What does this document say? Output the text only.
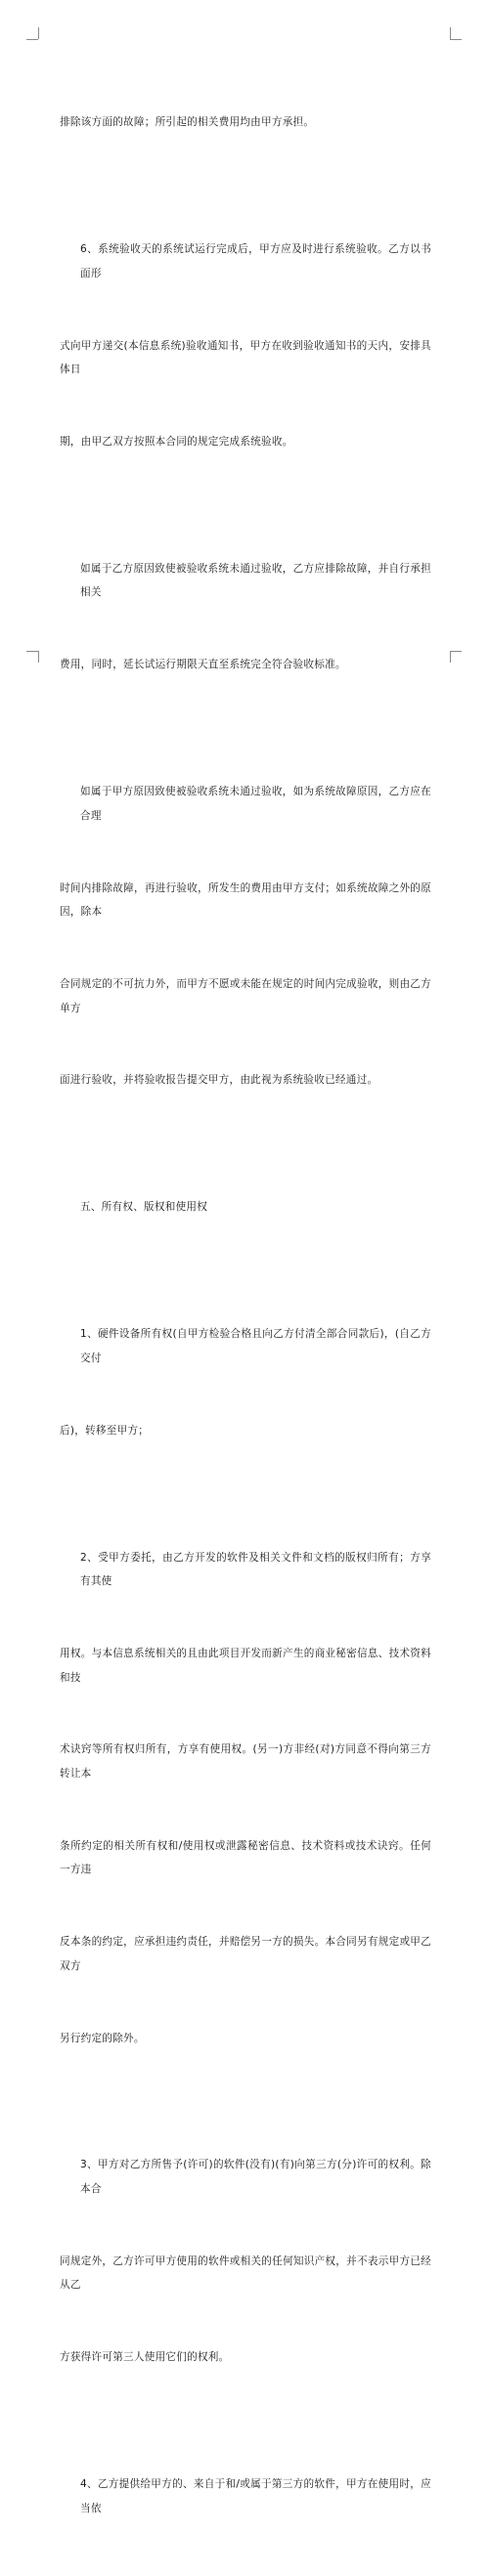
排除该方面的故障；所引起的相关费用均由甲方承担。

6、系统验收天的系统试运行完成后，甲方应及时进行系统验收。乙方以书面形

式向甲方递交(本信息系统)验收通知书，甲方在收到验收通知书的天内，安排具体日

期，由甲乙双方按照本合同的规定完成系统验收。

如属于乙方原因致使被验收系统未通过验收，乙方应排除故障，并自行承担相关

费用，同时，延长试运行期限天直至系统完全符合验收标准。

如属于甲方原因致使被验收系统未通过验收，如为系统故障原因，乙方应在合理

时间内排除故障，再进行验收，所发生的费用由甲方支付；如系统故障之外的原因，除本

合同规定的不可抗力外，而甲方不愿或未能在规定的时间内完成验收，则由乙方单方

面进行验收，并将验收报告提交甲方，由此视为系统验收已经通过。

五、所有权、版权和使用权

1、硬件设备所有权(自甲方检验合格且向乙方付清全部合同款后)，(自乙方交付

后)，转移至甲方；

2、受甲方委托，由乙方开发的软件及相关文件和文档的版权归所有；方享有其使

用权。与本信息系统相关的且由此项目开发而新产生的商业秘密信息、技术资料和技

术诀窍等所有权归所有，方享有使用权。(另一)方非经(对)方同意不得向第三方转让本

条所约定的相关所有权和/使用权或泄露秘密信息、技术资料或技术诀窍。任何一方违

反本条的约定，应承担违约责任，并赔偿另一方的损失。本合同另有规定或甲乙双方

另行约定的除外。

3、甲方对乙方所售予(许可)的软件(没有)(有)向第三方(分)许可的权利。除本合

同规定外，乙方许可甲方使用的软件或相关的任何知识产权，并不表示甲方已经从乙

方获得许可第三人使用它们的权利。

4、乙方提供给甲方的、来自于和/或属于第三方的软件，甲方在使用时，应当依
